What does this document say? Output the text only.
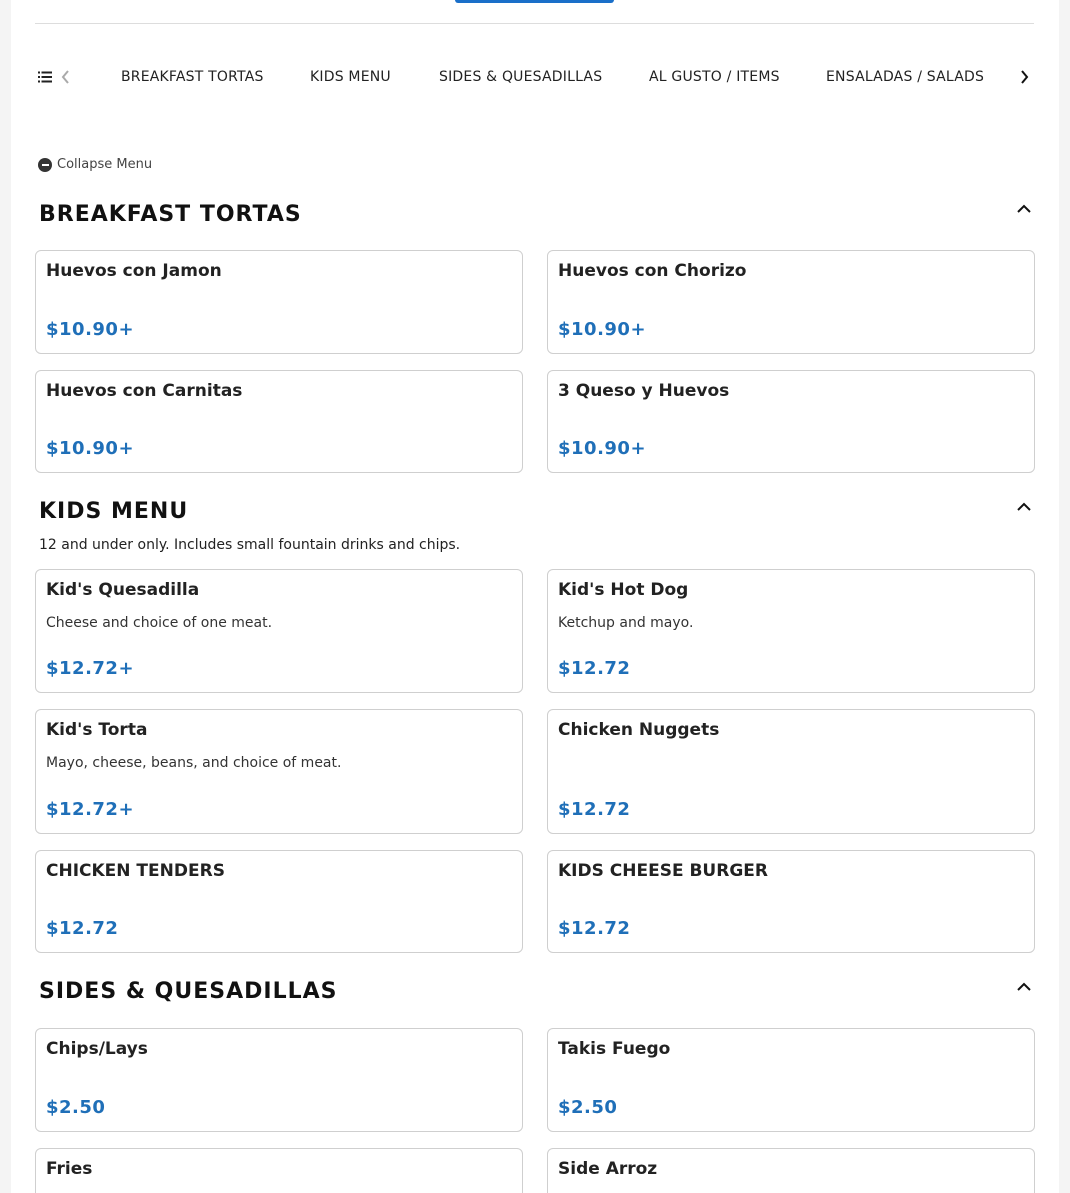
BREAKFAST TORTAS	KIDS MENU	SIDES & QUESADILLAS	AL GUSTO / ITEMS	ENSALADAS / SALADS
Collapse Menu
BREAKFAST TORTAS
Huevos con Jamon
$10.90+
Huevos con Chorizo
$10.90+
Huevos con Carnitas
$10.90+
3 Queso y Huevos
$10.90+
KIDS MENU

12 and under only. Includes small fountain drinks and chips.

Kid's Quesadilla
Cheese and choice of one meat.
$12.72+
Kid's Hot Dog
Ketchup and mayo.
$12.72
Kid's Torta
Mayo, cheese, beans, and choice of meat.
$12.72+
Chicken Nuggets
$12.72
CHICKEN TENDERS
$12.72
KIDS CHEESE BURGER
$12.72
SIDES & QUESADILLAS
Chips/Lays
$2.50
Takis Fuego
$2.50
Fries	Side Arroz
